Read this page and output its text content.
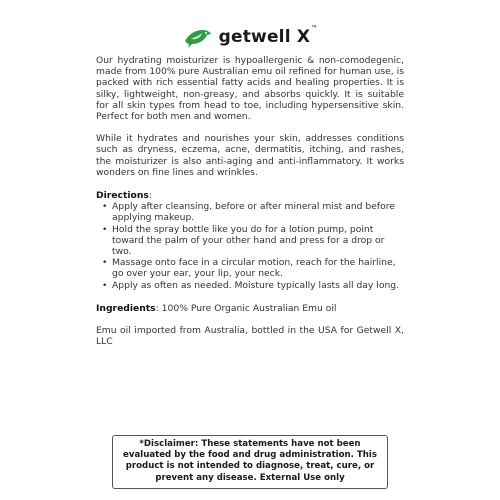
getwell X™

Our hydrating moisturizer is hypoallergenic & non-comodegenic, made from 100% pure Australian emu oil refined for human use, is packed with rich essential fatty acids and healing properties. It is silky, lightweight, non-greasy, and absorbs quickly. It is suitable for all skin types from head to toe, including hypersensitive skin. Perfect for both men and women.

While it hydrates and nourishes your skin, addresses conditions such as dryness, eczema, acne, dermatitis, itching, and rashes, the moisturizer is also anti-aging and anti-inflammatory. It works wonders on fine lines and wrinkles.

Directions:
• Apply after cleansing, before or after mineral mist and before applying makeup.
• Hold the spray bottle like you do for a lotion pump, point toward the palm of your other hand and press for a drop or two.
• Massage onto face in a circular motion, reach for the hairline, go over your ear, your lip, your neck.
• Apply as often as needed. Moisture typically lasts all day long.
Ingredients: 100% Pure Organic Australian Emu oil

Emu oil imported from Australia, bottled in the USA for Getwell X, LLC

*Disclaimer: These statements have not been evaluated by the food and drug administration. This product is not intended to diagnose, treat, cure, or prevent any disease. External Use only
